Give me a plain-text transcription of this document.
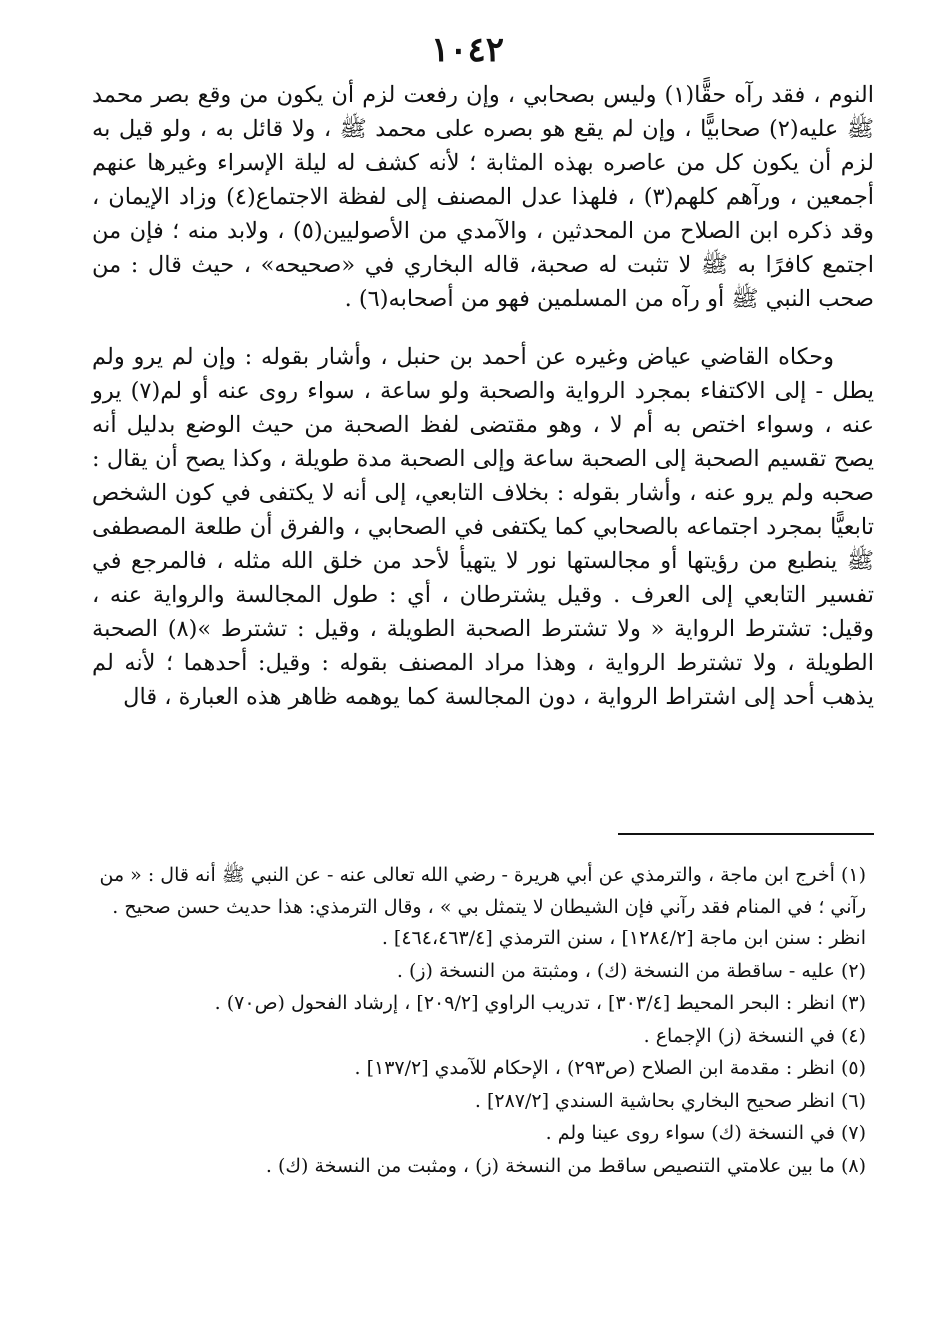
١٠٤٢

النوم ، فقد رآه حقًّا(١) وليس بصحابي ، وإن رفعت لزم أن يكون من وقع بصر محمد ﷺ عليه(٢) صحابيًّا ، وإن لم يقع هو بصره على محمد ﷺ ، ولا قائل به ، ولو قيل به لزم أن يكون كل من عاصره بهذه المثابة ؛ لأنه كشف له ليلة الإسراء وغيرها عنهم أجمعين ، ورآهم كلهم(٣) ، فلهذا عدل المصنف إلى لفظة الاجتماع(٤) وزاد الإيمان ، وقد ذكره ابن الصلاح من المحدثين ، والآمدي من الأصوليين(٥) ، ولابد منه ؛ فإن من اجتمع كافرًا به ﷺ لا تثبت له صحبة، قاله البخاري في «صحيحه» ، حيث قال : من صحب النبي ﷺ أو رآه من المسلمين فهو من أصحابه(٦) .

وحكاه القاضي عياض وغيره عن أحمد بن حنبل ، وأشار بقوله : وإن لم يرو ولم يطل - إلى الاكتفاء بمجرد الرواية والصحبة ولو ساعة ، سواء روى عنه أو لم(٧) يرو عنه ، وسواء اختص به أم لا ، وهو مقتضى لفظ الصحبة من حيث الوضع بدليل أنه يصح تقسيم الصحبة إلى الصحبة ساعة وإلى الصحبة مدة طويلة ، وكذا يصح أن يقال : صحبه ولم يرو عنه ، وأشار بقوله : بخلاف التابعي، إلى أنه لا يكتفى في كون الشخص تابعيًّا بمجرد اجتماعه بالصحابي كما يكتفى في الصحابي ، والفرق أن طلعة المصطفى ﷺ ينطبع من رؤيتها أو مجالستها نور لا يتهيأ لأحد من خلق الله مثله ، فالمرجع في تفسير التابعي إلى العرف . وقيل يشترطان ، أي : طول المجالسة والرواية عنه ، وقيل: تشترط الرواية « ولا تشترط الصحبة الطويلة ، وقيل : تشترط »(٨) الصحبة الطويلة ، ولا تشترط الرواية ، وهذا مراد المصنف بقوله : وقيل: أحدهما ؛ لأنه لم يذهب أحد إلى اشتراط الرواية ، دون المجالسة كما يوهمه ظاهر هذه العبارة ، قال

(١)أخرج ابن ماجة ، والترمذي عن أبي هريرة - رضي الله تعالى عنه - عن النبي ﷺ أنه قال : « من رآني ؛ في المنام فقد رآني فإن الشيطان لا يتمثل بي » ، وقال الترمذي: هذا حديث حسن صحيح . انظر : سنن ابن ماجة [١٢٨٤/٢] ، سنن الترمذي [٤٦٤،٤٦٣/٤] .

(٢)عليه - ساقطة من النسخة (ك) ، ومثبتة من النسخة (ز) .

(٣)انظر : البحر المحيط [٣٠٣/٤] ، تدريب الراوي [٢٠٩/٢] ، إرشاد الفحول (ص٧٠) .

(٤)في النسخة (ز) الإجماع .

(٥)انظر : مقدمة ابن الصلاح (ص٢٩٣) ، الإحكام للآمدي [١٣٧/٢] .

(٦)انظر صحيح البخاري بحاشية السندي [٢٨٧/٢] .

(٧)في النسخة (ك) سواء روى عينا ولم .

(٨)ما بين علامتي التنصيص ساقط من النسخة (ز) ، ومثبت من النسخة (ك) .
